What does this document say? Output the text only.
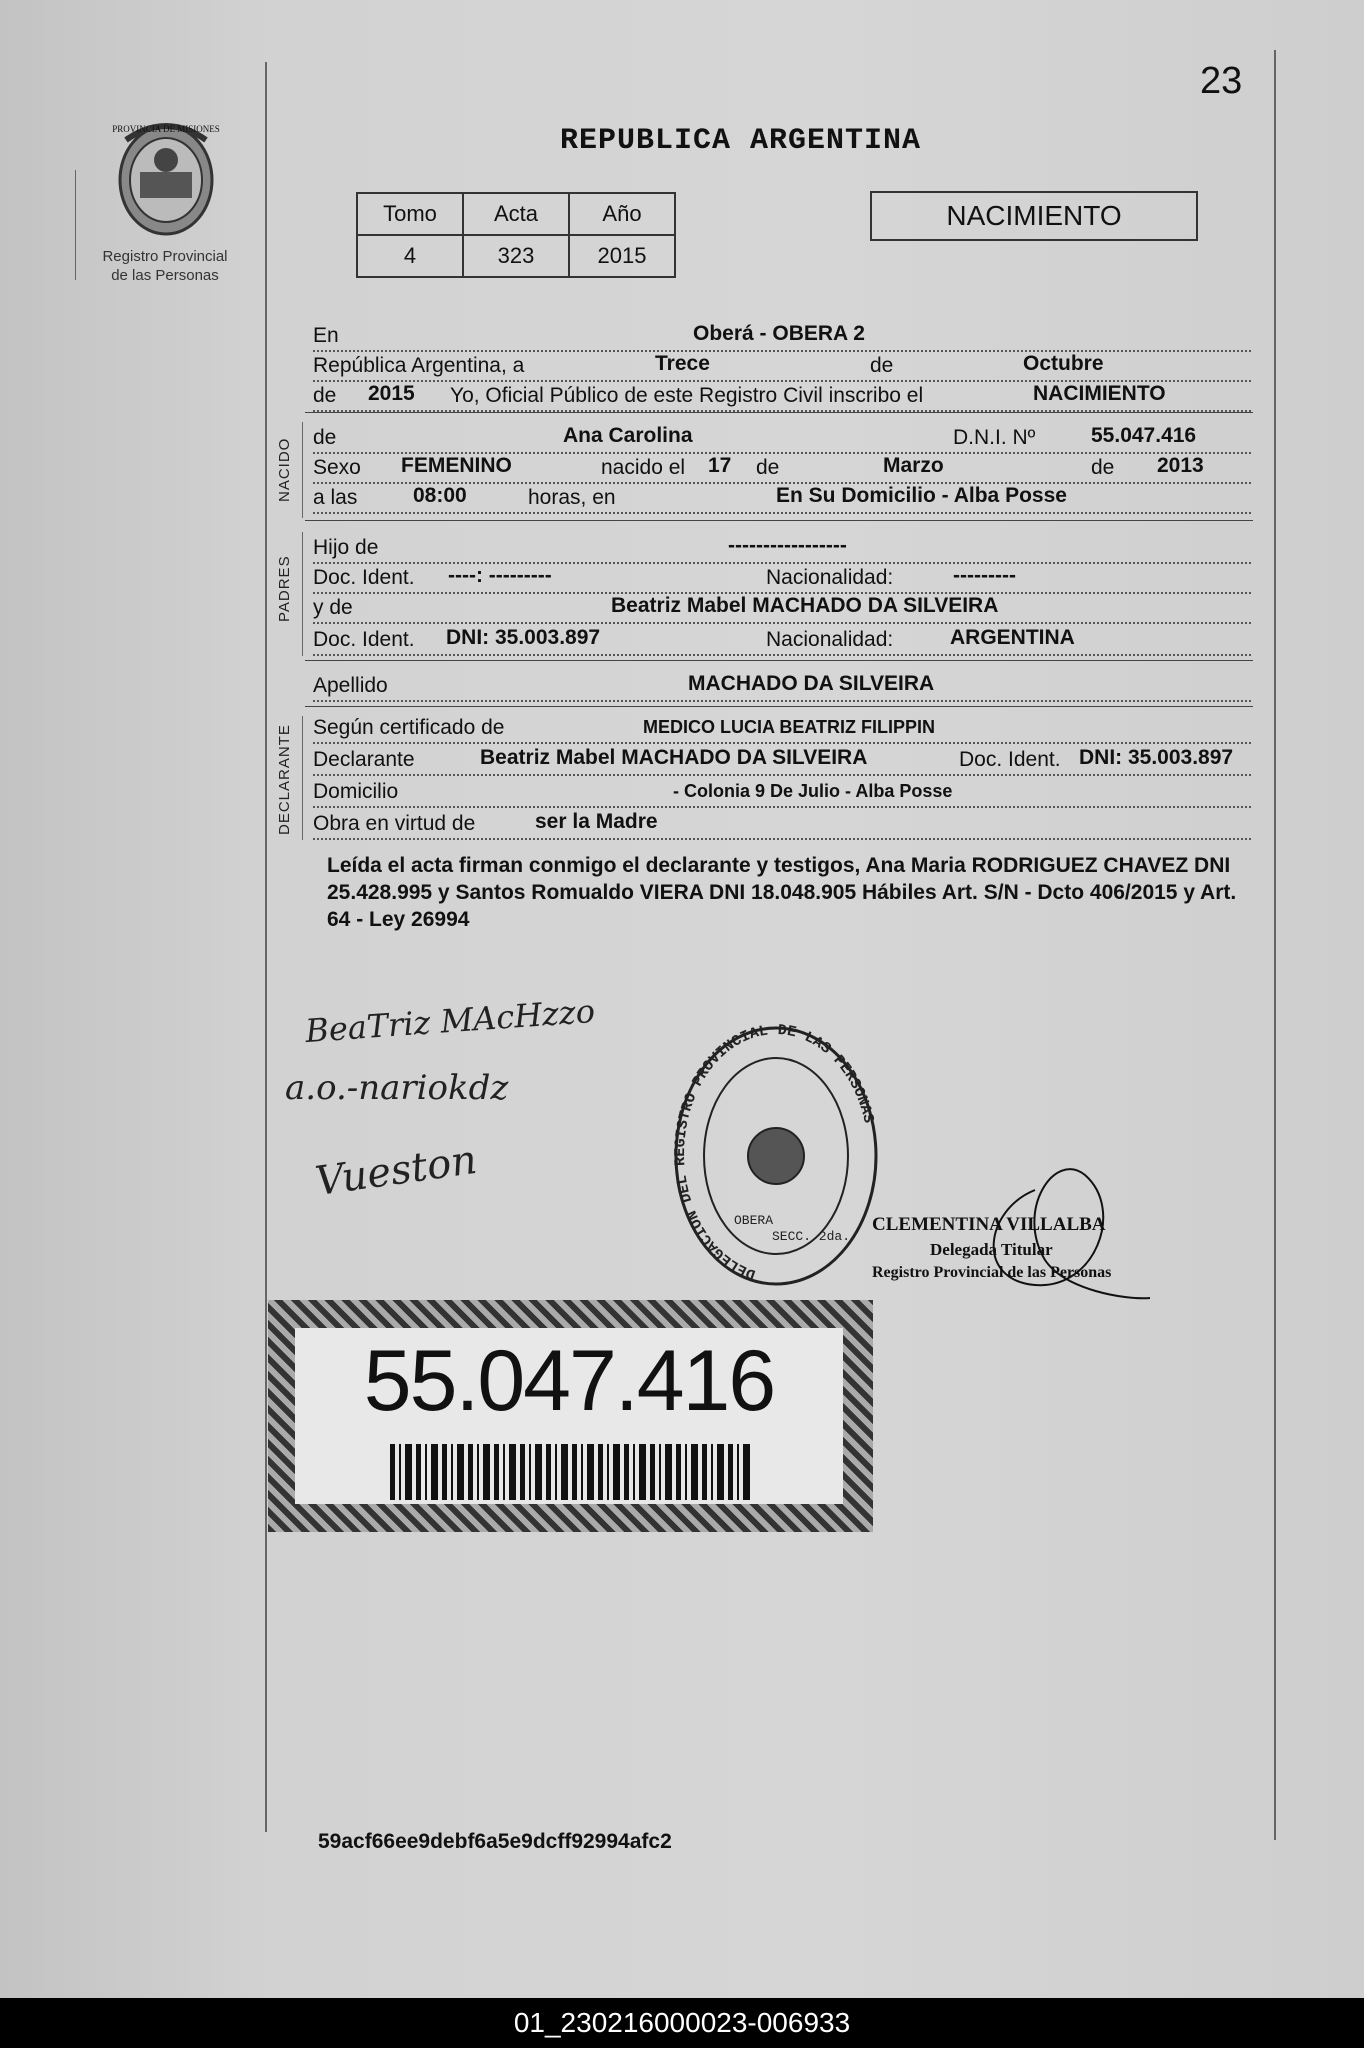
23
PROVINCIA DE MISIONES
Registro Provincial
de las Personas
REPUBLICA ARGENTINA
Tomo	Acta	Año
4	323	2015
NACIMIENTO
En	Oberá - OBERA 2
República Argentina, a	Trece	de	Octubre
de 2015 Yo, Oficial Público de este Registro Civil inscribo el	NACIMIENTO
NACIDO
de	Ana Carolina	D.N.I. Nº	55.047.416
Sexo FEMENINO	nacido el 17 de	Marzo	de 2013
a las	08:00	horas, en	En Su Domicilio - Alba Posse
PADRES
Hijo de	-----------------
Doc. Ident. ----: ---------	Nacionalidad:	---------
y de	Beatriz Mabel MACHADO DA SILVEIRA
Doc. Ident. DNI: 35.003.897	Nacionalidad:	ARGENTINA
Apellido	MACHADO DA SILVEIRA
DECLARANTE Según certificado de	MEDICO LUCIA BEATRIZ FILIPPIN
Declarante	Beatriz Mabel MACHADO DA SILVEIRA	Doc. Ident. DNI: 35.003.897
Domicilio	- Colonia 9 De Julio - Alba Posse
Obra en virtud de	ser la Madre
Leída el acta firman conmigo el declarante y testigos, Ana Maria RODRIGUEZ CHAVEZ DNI 25.428.995 y Santos Romualdo VIERA DNI 18.048.905 Hábiles Art. S/N - Dcto 406/2015 y Art. 64 - Ley 26994
BeaTriz MAcHzzo
a.o.-nariokdz
Vueston
DELEGACION DEL REGISTRO PROVINCIAL DE LAS PERSONAS
OBERA
SECC. 2da.
CLEMENTINA VILLALBA
Delegada Titular
Registro Provincial de las Personas
55.047.416
59acf66ee9debf6a5e9dcff92994afc2
01_230216000023-006933
